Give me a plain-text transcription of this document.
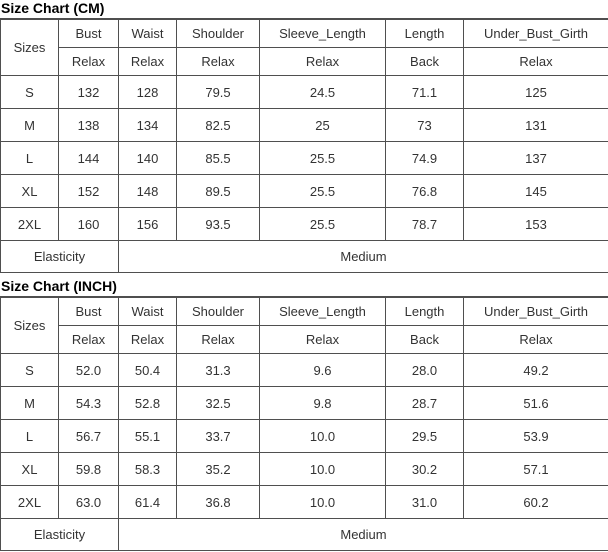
Size Chart (CM)
Sizes	Bust	Waist	Shoulder	Sleeve_Length	Length	Under_Bust_Girth
	Relax	Relax	Relax	Relax	Back	Relax
S	132	128	79.5	24.5	71.1	125
M	138	134	82.5	25	73	131
L	144	140	85.5	25.5	74.9	137
XL	152	148	89.5	25.5	76.8	145
2XL	160	156	93.5	25.5	78.7	153
Elasticity		Medium				
Size Chart (INCH)
Sizes	Bust	Waist	Shoulder	Sleeve_Length	Length	Under_Bust_Girth
	Relax	Relax	Relax	Relax	Back	Relax
S	52.0	50.4	31.3	9.6	28.0	49.2
M	54.3	52.8	32.5	9.8	28.7	51.6
L	56.7	55.1	33.7	10.0	29.5	53.9
XL	59.8	58.3	35.2	10.0	30.2	57.1
2XL	63.0	61.4	36.8	10.0	31.0	60.2
Elasticity		Medium				
